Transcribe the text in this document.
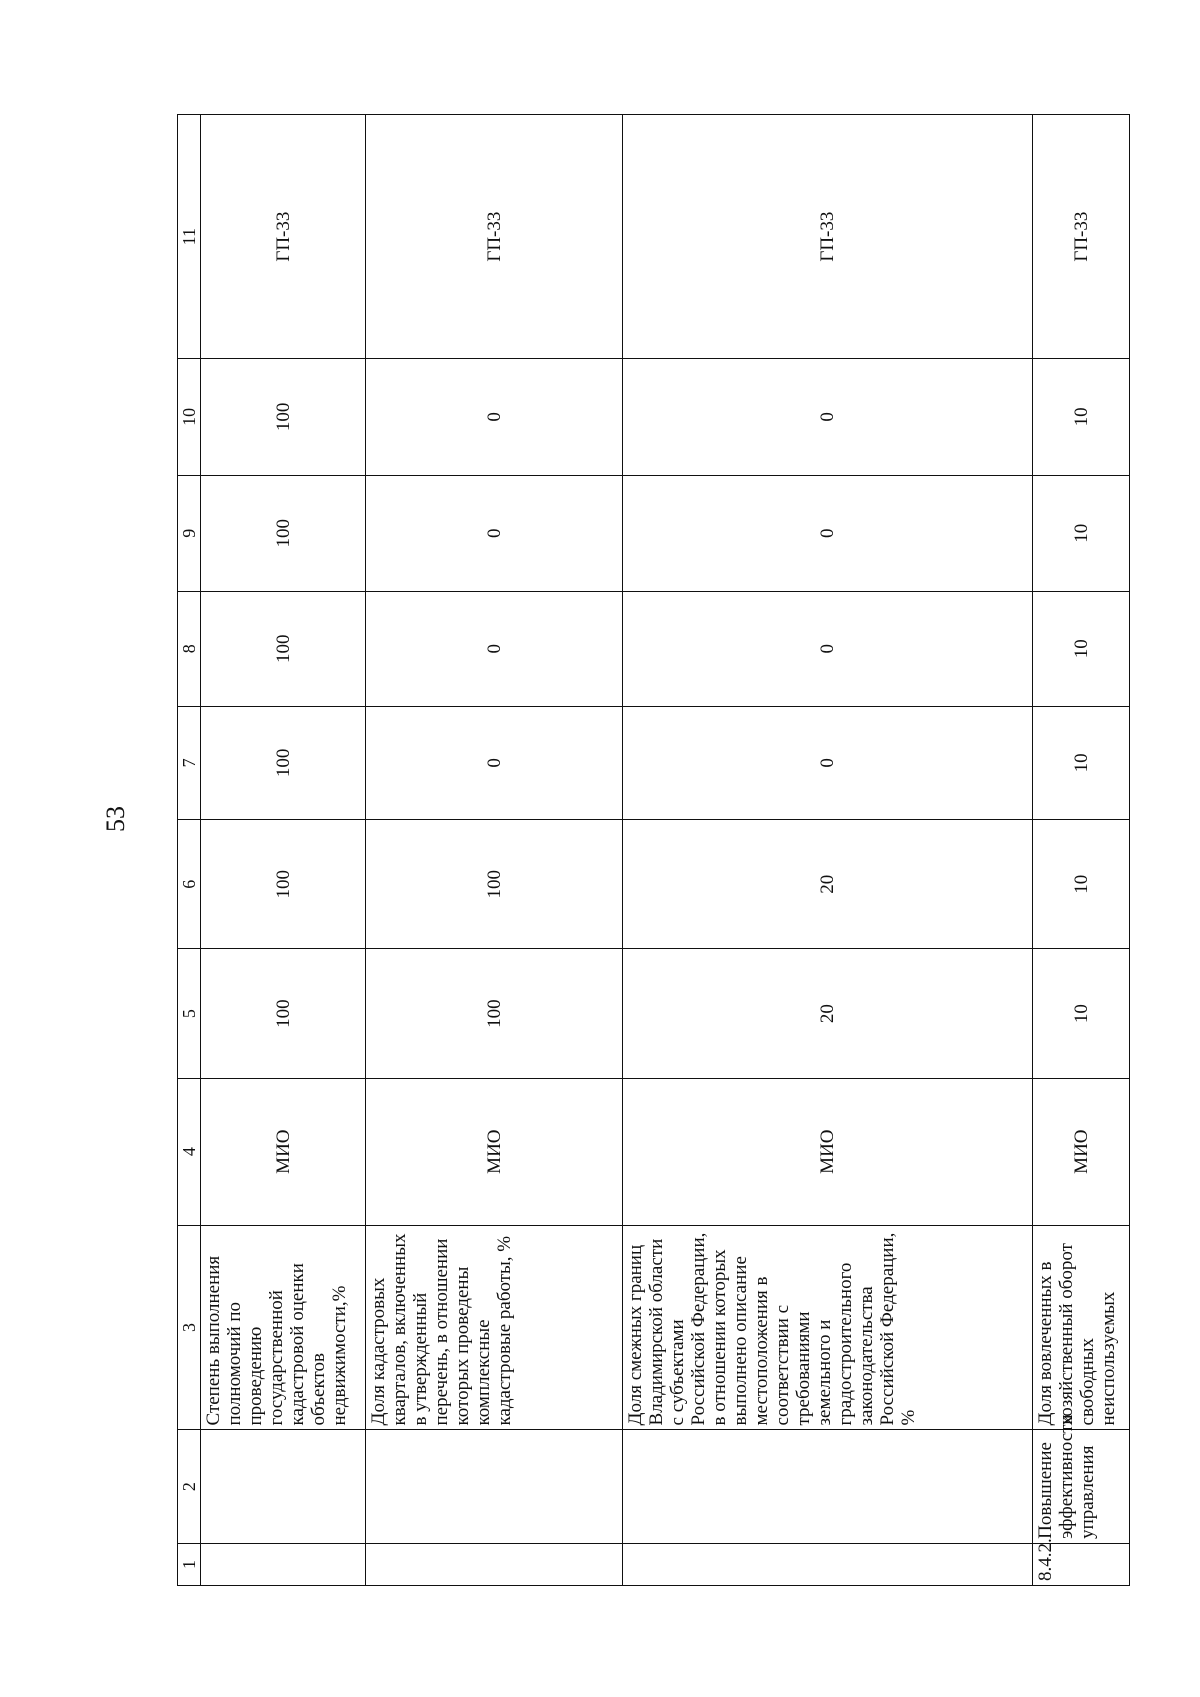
53
1	2	3	4	5	6	7	8	9	10	11
		Степень выполнения полномочий по проведению государственной кадастровой оценки объектов недвижимости,%	МИО	100	100	100	100	100	100	ГП-33
		Доля кадастровых кварталов, включенных в утвержденный перечень, в отношении которых проведены комплексные кадастровые работы, %	МИО	100	100	0	0	0	0	ГП-33
		Доля смежных границ Владимирской области с субъектами Российской Федерации, в отношении которых выполнено описание местоположения в соответствии с требованиями земельного и градостроительного законодательства Российской Федерации, %	МИО	20	20	0	0	0	0	ГП-33
8.4.2.	Повышение эффективности управления	Доля вовлеченных в хозяйственный оборот свободных неиспользуемых	МИО	10	10	10	10	10	10	ГП-33
